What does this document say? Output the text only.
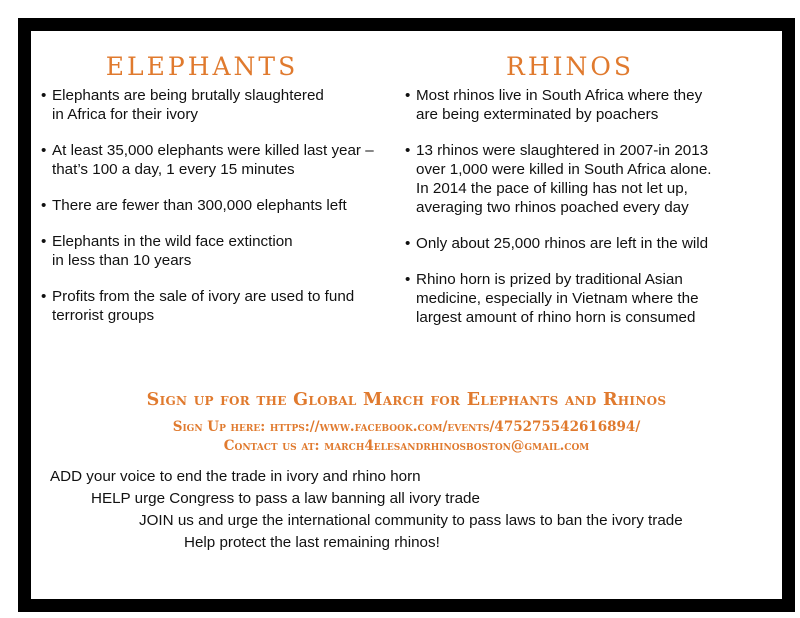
ELEPHANTS
• Elephants are being brutally slaughtered
in Africa for their ivory
• At least 35,000 elephants were killed last year –
that’s 100 a day, 1 every 15 minutes
• There are fewer than 300,000 elephants left
• Elephants in the wild face extinction
in less than 10 years
• Profits from the sale of ivory are used to fund
terrorist groups
RHINOS
• Most rhinos live in South Africa where they
are being exterminated by poachers
• 13 rhinos were slaughtered in 2007-in 2013
over 1,000 were killed in South Africa alone.
In 2014 the pace of killing has not let up,
averaging two rhinos poached every day
• Only about 25,000 rhinos are left in the wild
• Rhino horn is prized by traditional Asian
medicine, especially in Vietnam where the
largest amount of rhino horn is consumed
Sign up for the Global March for Elephants and Rhinos
Sign Up here: https://www.facebook.com/events/475275542616894/
Contact us at: march4elesandrhinosboston@gmail.com
ADD your voice to end the trade in ivory and rhino horn
HELP urge Congress to pass a law banning all ivory trade
JOIN us and urge the international community to pass laws to ban the ivory trade
Help protect the last remaining rhinos!
